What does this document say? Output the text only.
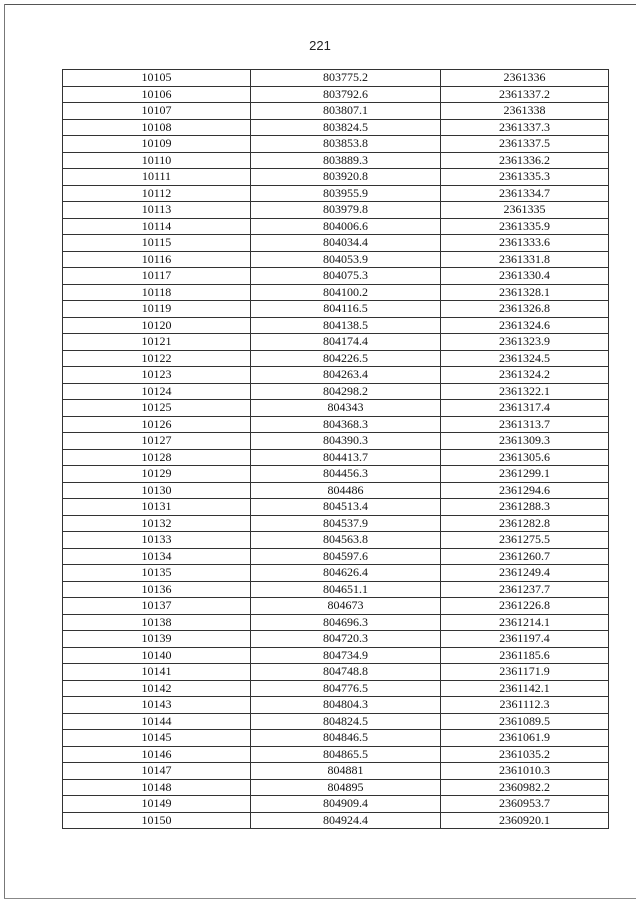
221
10105	803775.2	2361336
10106	803792.6	2361337.2
10107	803807.1	2361338
10108	803824.5	2361337.3
10109	803853.8	2361337.5
10110	803889.3	2361336.2
10111	803920.8	2361335.3
10112	803955.9	2361334.7
10113	803979.8	2361335
10114	804006.6	2361335.9
10115	804034.4	2361333.6
10116	804053.9	2361331.8
10117	804075.3	2361330.4
10118	804100.2	2361328.1
10119	804116.5	2361326.8
10120	804138.5	2361324.6
10121	804174.4	2361323.9
10122	804226.5	2361324.5
10123	804263.4	2361324.2
10124	804298.2	2361322.1
10125	804343	2361317.4
10126	804368.3	2361313.7
10127	804390.3	2361309.3
10128	804413.7	2361305.6
10129	804456.3	2361299.1
10130	804486	2361294.6
10131	804513.4	2361288.3
10132	804537.9	2361282.8
10133	804563.8	2361275.5
10134	804597.6	2361260.7
10135	804626.4	2361249.4
10136	804651.1	2361237.7
10137	804673	2361226.8
10138	804696.3	2361214.1
10139	804720.3	2361197.4
10140	804734.9	2361185.6
10141	804748.8	2361171.9
10142	804776.5	2361142.1
10143	804804.3	2361112.3
10144	804824.5	2361089.5
10145	804846.5	2361061.9
10146	804865.5	2361035.2
10147	804881	2361010.3
10148	804895	2360982.2
10149	804909.4	2360953.7
10150	804924.4	2360920.1
